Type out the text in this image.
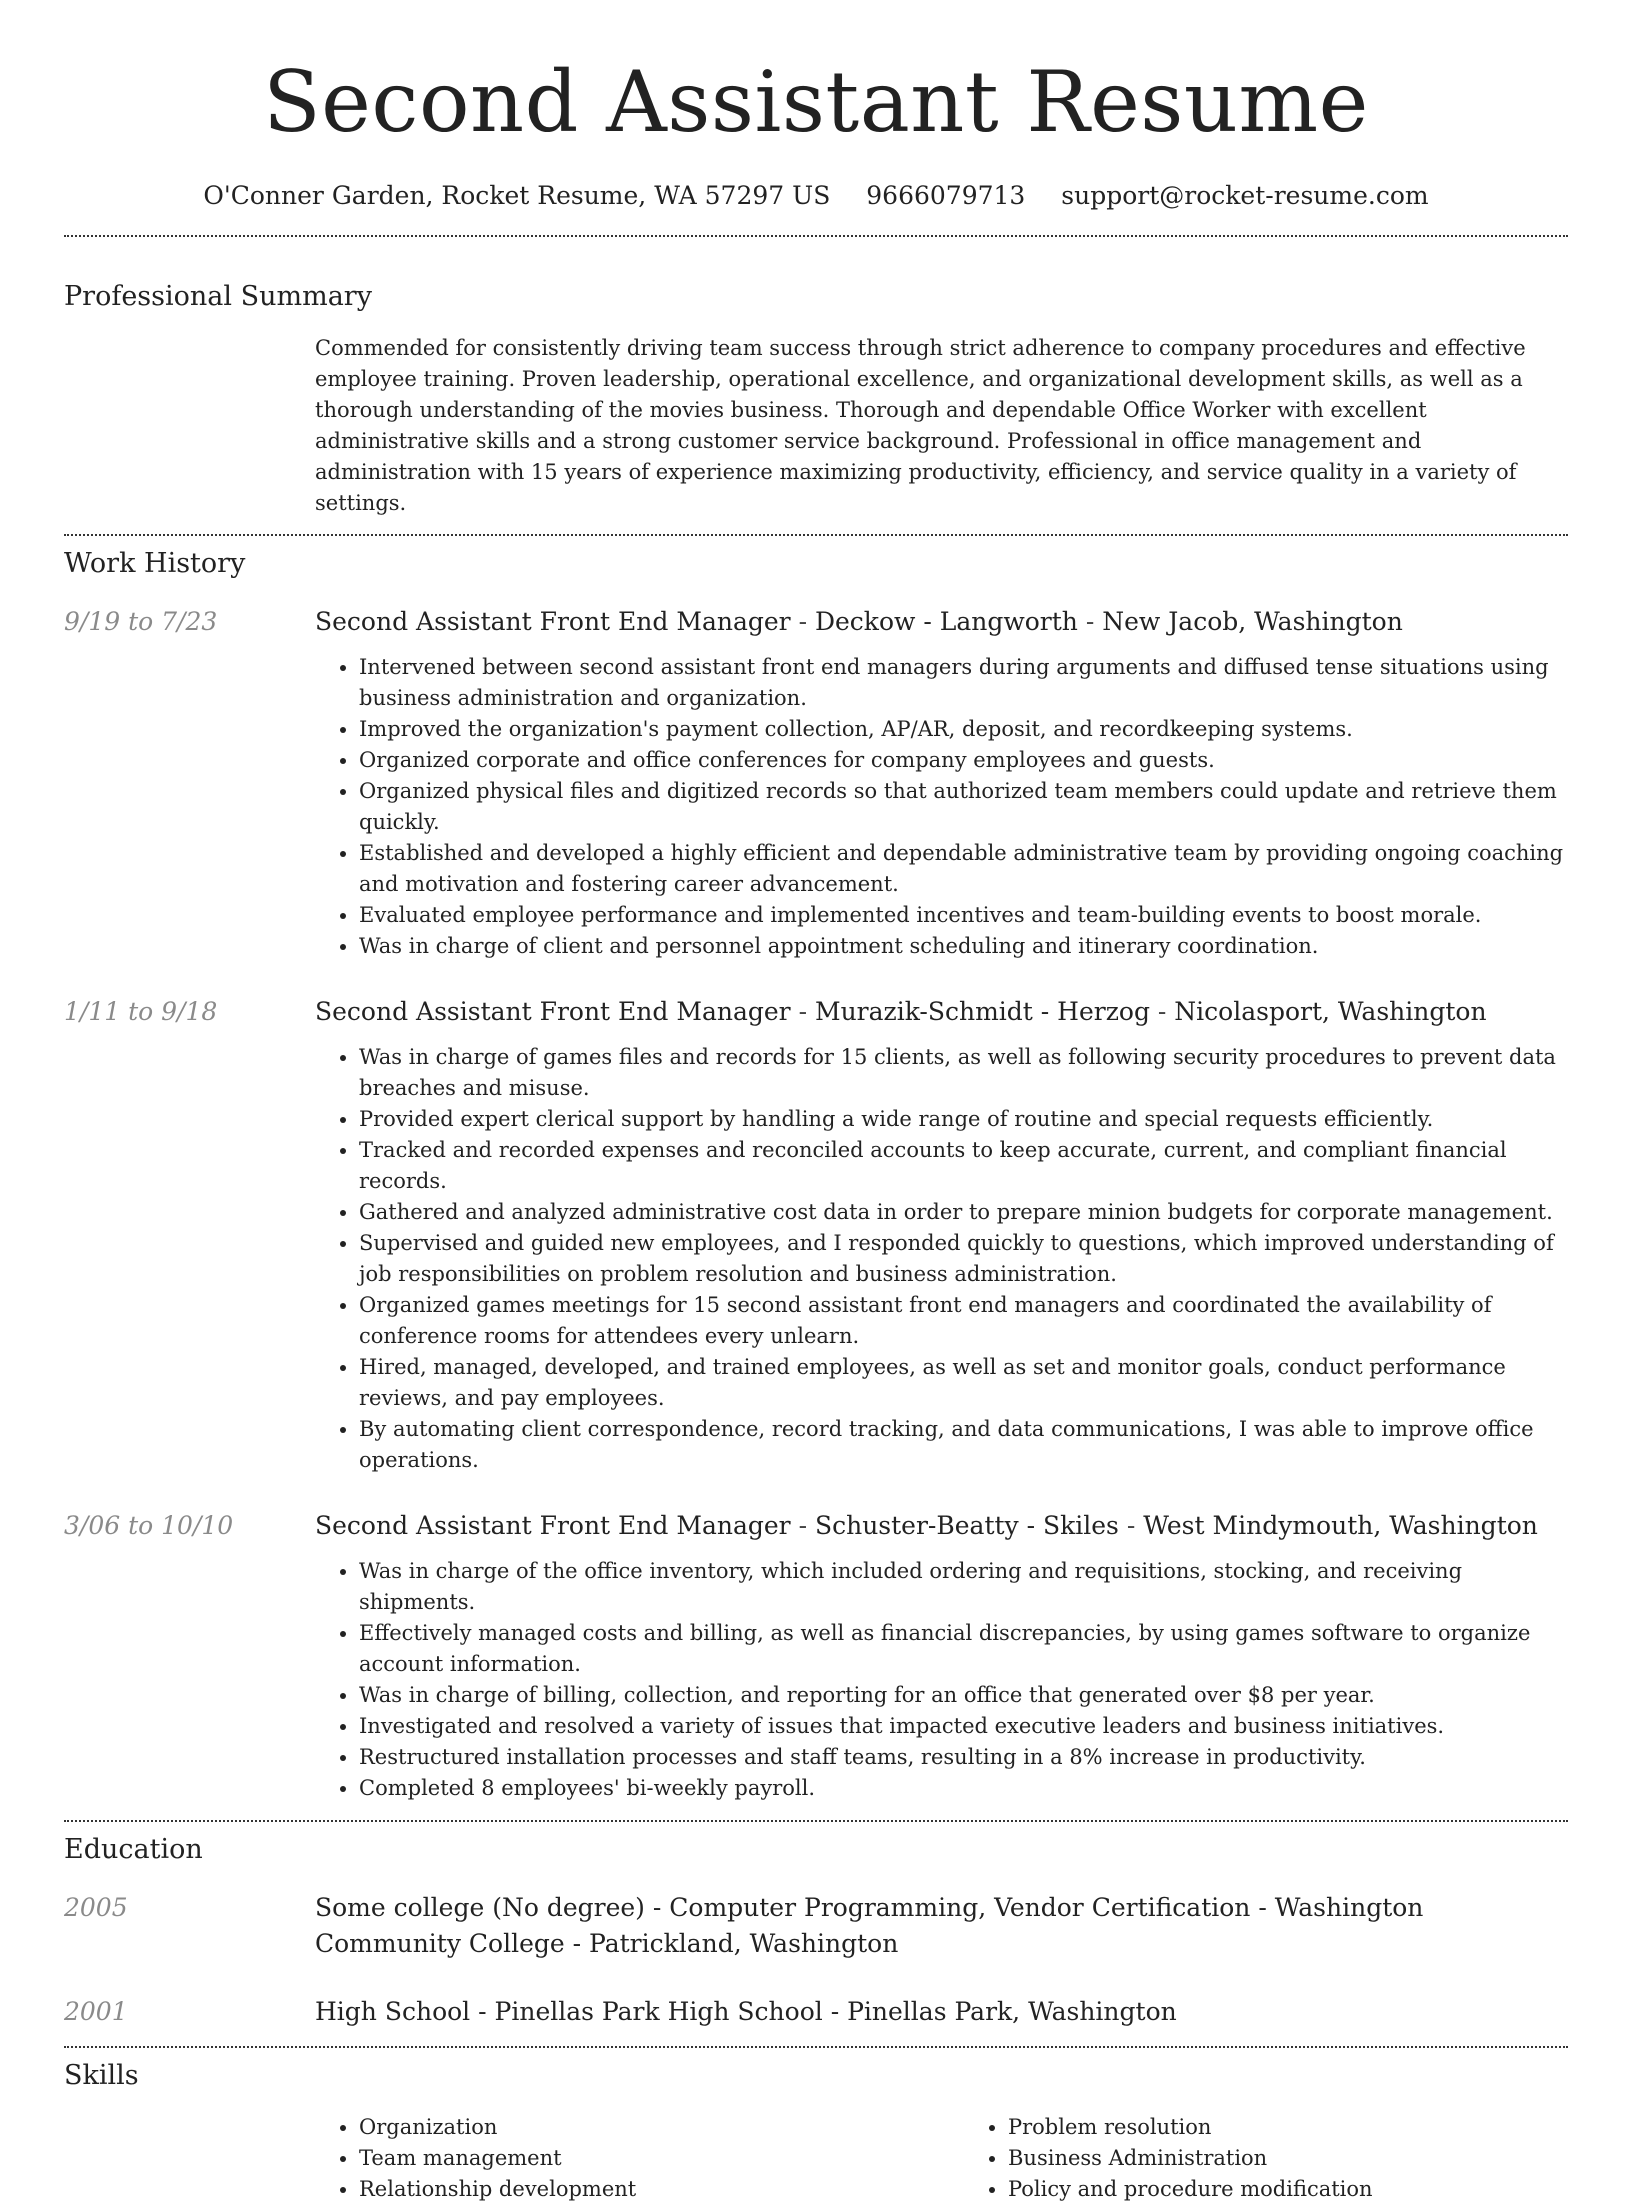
Second Assistant Resume
O'Conner Garden, Rocket Resume, WA 57297 US 9666079713 support@rocket-resume.com
Professional Summary
Commended for consistently driving team success through strict adherence to company procedures and effective employee training. Proven leadership, operational excellence, and organizational development skills, as well as a thorough understanding of the movies business. Thorough and dependable Office Worker with excellent administrative skills and a strong customer service background. Professional in office management and administration with 15 years of experience maximizing productivity, efficiency, and service quality in a variety of settings.
Work History
9/19 to 7/23	Second Assistant Front End Manager - Deckow - Langworth - New Jacob, Washington
• Intervened between second assistant front end managers during arguments and diffused tense situations using business administration and organization.
• Improved the organization's payment collection, AP/AR, deposit, and recordkeeping systems.
• Organized corporate and office conferences for company employees and guests.
• Organized physical files and digitized records so that authorized team members could update and retrieve them quickly.
• Established and developed a highly efficient and dependable administrative team by providing ongoing coaching and motivation and fostering career advancement.
• Evaluated employee performance and implemented incentives and team-building events to boost morale.
• Was in charge of client and personnel appointment scheduling and itinerary coordination.
1/11 to 9/18	Second Assistant Front End Manager - Murazik-Schmidt - Herzog - Nicolasport, Washington
• Was in charge of games files and records for 15 clients, as well as following security procedures to prevent data breaches and misuse.
• Provided expert clerical support by handling a wide range of routine and special requests efficiently.
• Tracked and recorded expenses and reconciled accounts to keep accurate, current, and compliant financial records.
• Gathered and analyzed administrative cost data in order to prepare minion budgets for corporate management.
• Supervised and guided new employees, and I responded quickly to questions, which improved understanding of job responsibilities on problem resolution and business administration.
• Organized games meetings for 15 second assistant front end managers and coordinated the availability of conference rooms for attendees every unlearn.
• Hired, managed, developed, and trained employees, as well as set and monitor goals, conduct performance reviews, and pay employees.
• By automating client correspondence, record tracking, and data communications, I was able to improve office operations.
3/06 to 10/10	Second Assistant Front End Manager - Schuster-Beatty - Skiles - West Mindymouth, Washington
• Was in charge of the office inventory, which included ordering and requisitions, stocking, and receiving shipments.
• Effectively managed costs and billing, as well as financial discrepancies, by using games software to organize account information.
• Was in charge of billing, collection, and reporting for an office that generated over $8 per year.
• Investigated and resolved a variety of issues that impacted executive leaders and business initiatives.
• Restructured installation processes and staff teams, resulting in a 8% increase in productivity.
• Completed 8 employees' bi-weekly payroll.
Education
2005	Some college (No degree) - Computer Programming, Vendor Certification - Washington Community College - Patrickland, Washington
2001	High School - Pinellas Park High School - Pinellas Park, Washington
Skills
• Organization
• Team management
• Relationship development
• Problem resolution
• Business Administration
• Policy and procedure modification
